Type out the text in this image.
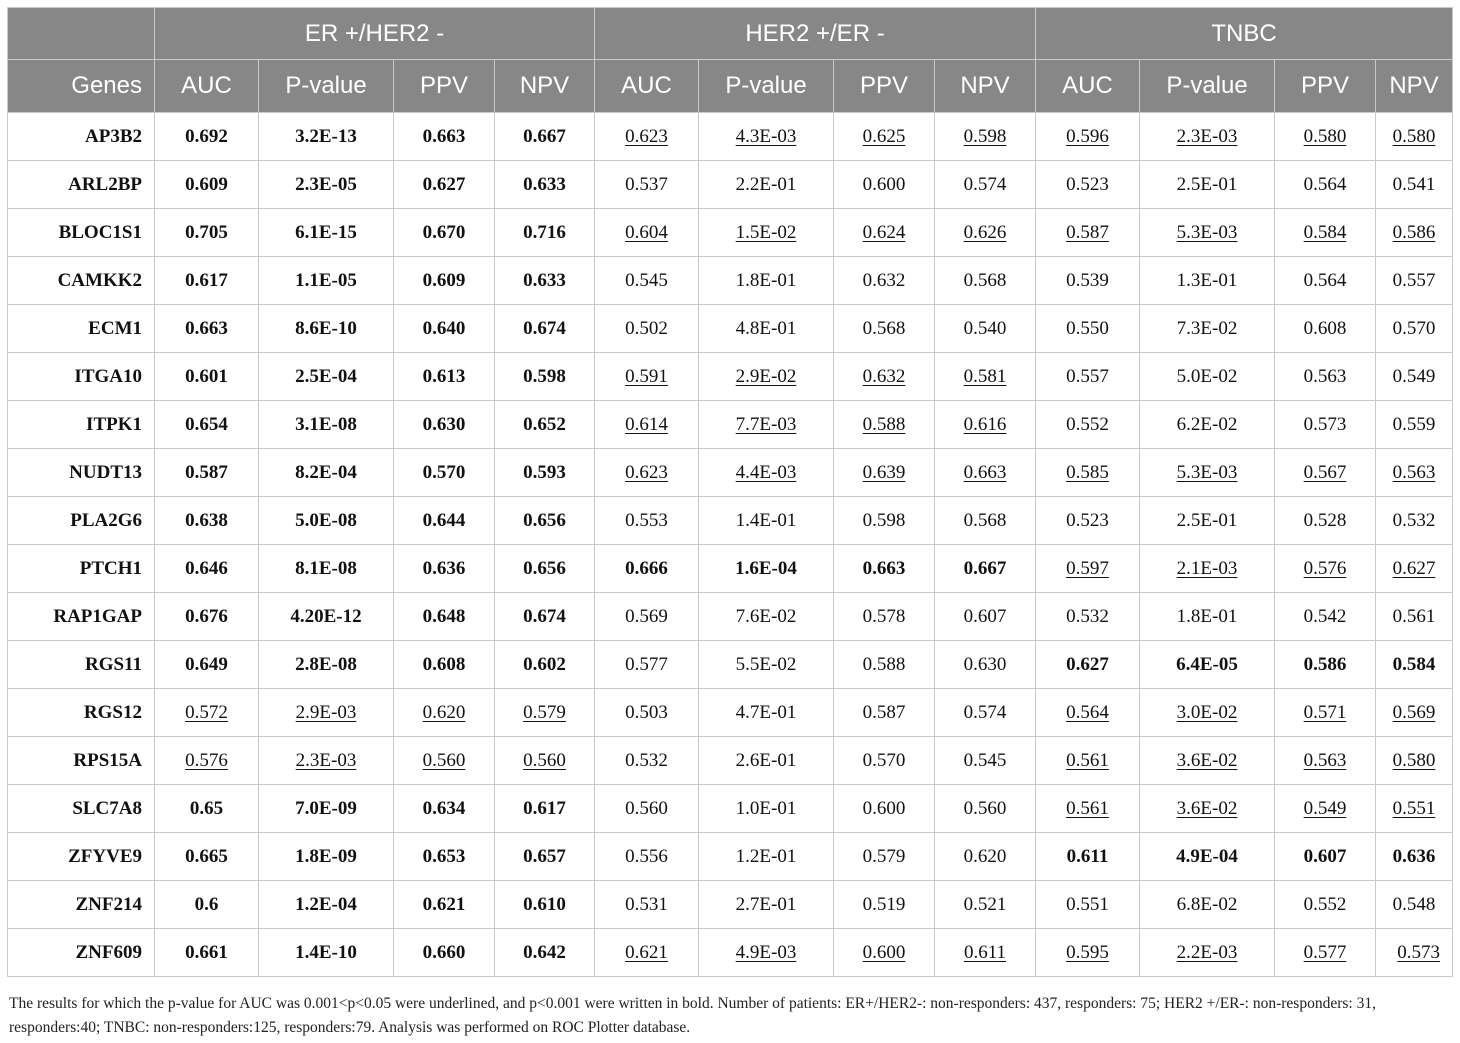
	ER +/HER2 -				HER2 +/ER -				TNBC			
Genes	AUC	P-value	PPV	NPV	AUC	P-value	PPV	NPV	AUC	P-value	PPV	NPV
AP3B2	0.692	3.2E-13	0.663	0.667	0.623	4.3E-03	0.625	0.598	0.596	2.3E-03	0.580	0.580
ARL2BP	0.609	2.3E-05	0.627	0.633	0.537	2.2E-01	0.600	0.574	0.523	2.5E-01	0.564	0.541
BLOC1S1	0.705	6.1E-15	0.670	0.716	0.604	1.5E-02	0.624	0.626	0.587	5.3E-03	0.584	0.586
CAMKK2	0.617	1.1E-05	0.609	0.633	0.545	1.8E-01	0.632	0.568	0.539	1.3E-01	0.564	0.557
ECM1	0.663	8.6E-10	0.640	0.674	0.502	4.8E-01	0.568	0.540	0.550	7.3E-02	0.608	0.570
ITGA10	0.601	2.5E-04	0.613	0.598	0.591	2.9E-02	0.632	0.581	0.557	5.0E-02	0.563	0.549
ITPK1	0.654	3.1E-08	0.630	0.652	0.614	7.7E-03	0.588	0.616	0.552	6.2E-02	0.573	0.559
NUDT13	0.587	8.2E-04	0.570	0.593	0.623	4.4E-03	0.639	0.663	0.585	5.3E-03	0.567	0.563
PLA2G6	0.638	5.0E-08	0.644	0.656	0.553	1.4E-01	0.598	0.568	0.523	2.5E-01	0.528	0.532
PTCH1	0.646	8.1E-08	0.636	0.656	0.666	1.6E-04	0.663	0.667	0.597	2.1E-03	0.576	0.627
RAP1GAP	0.676	4.20E-12	0.648	0.674	0.569	7.6E-02	0.578	0.607	0.532	1.8E-01	0.542	0.561
RGS11	0.649	2.8E-08	0.608	0.602	0.577	5.5E-02	0.588	0.630	0.627	6.4E-05	0.586	0.584
RGS12	0.572	2.9E-03	0.620	0.579	0.503	4.7E-01	0.587	0.574	0.564	3.0E-02	0.571	0.569
RPS15A	0.576	2.3E-03	0.560	0.560	0.532	2.6E-01	0.570	0.545	0.561	3.6E-02	0.563	0.580
SLC7A8	0.65	7.0E-09	0.634	0.617	0.560	1.0E-01	0.600	0.560	0.561	3.6E-02	0.549	0.551
ZFYVE9	0.665	1.8E-09	0.653	0.657	0.556	1.2E-01	0.579	0.620	0.611	4.9E-04	0.607	0.636
ZNF214	0.6	1.2E-04	0.621	0.610	0.531	2.7E-01	0.519	0.521	0.551	6.8E-02	0.552	0.548
ZNF609	0.661	1.4E-10	0.660	0.642	0.621	4.9E-03	0.600	0.611	0.595	2.2E-03	0.577	0.573

The results for which the p-value for AUC was 0.001<p<0.05 were underlined, and p<0.001 were written in bold. Number of patients: ER+/HER2-: non-responders: 437, responders: 75; HER2 +/ER-: non-responders: 31, responders:40; TNBC: non-responders:125, responders:79. Analysis was performed on ROC Plotter database.
